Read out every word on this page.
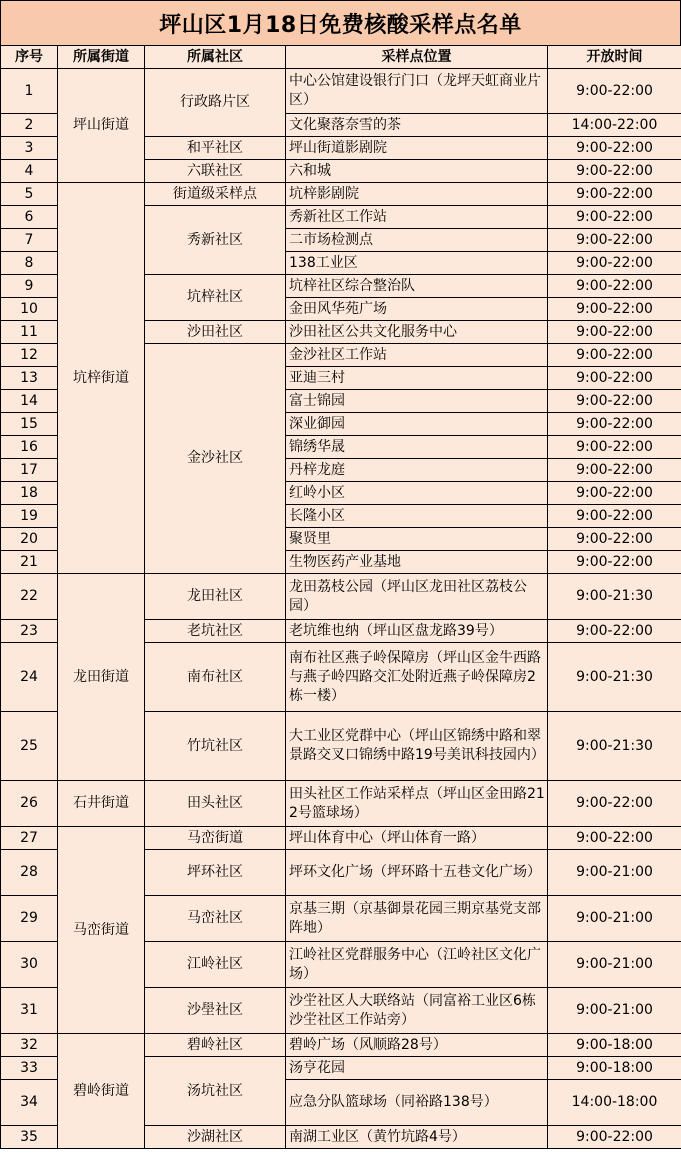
坪山区1月18日免费核酸采样点名单
序号	所属街道	所属社区	采样点位置	开放时间
1	坪山街道	行政路片区	中心公馆建设银行门口（龙坪天虹商业片区）	9:00-22:00
2			文化聚落奈雪的茶	14:00-22:00
3		和平社区	坪山街道影剧院	9:00-22:00
4		六联社区	六和城	9:00-22:00
5	坑梓街道	街道级采样点	坑梓影剧院	9:00-22:00
6		秀新社区	秀新社区工作站	9:00-22:00
7			二市场检测点	9:00-22:00
8			138工业区	9:00-22:00
9		坑梓社区	坑梓社区综合整治队	9:00-22:00
10			金田风华苑广场	9:00-22:00
11		沙田社区	沙田社区公共文化服务中心	9:00-22:00
12		金沙社区	金沙社区工作站	9:00-22:00
13			亚迪三村	9:00-22:00
14			富士锦园	9:00-22:00
15			深业御园	9:00-22:00
16			锦绣华晟	9:00-22:00
17			丹梓龙庭	9:00-22:00
18			红岭小区	9:00-22:00
19			长隆小区	9:00-22:00
20			聚贤里	9:00-22:00
21			生物医药产业基地	9:00-22:00
22	龙田街道	龙田社区	龙田荔枝公园（坪山区龙田社区荔枝公园）	9:00-21:30
23		老坑社区	老坑维也纳（坪山区盘龙路39号）	9:00-22:00
24		南布社区	南布社区燕子岭保障房（坪山区金牛西路与燕子岭四路交汇处附近燕子岭保障房2栋一楼）	9:00-21:30
25		竹坑社区	大工业区党群中心（坪山区锦绣中路和翠景路交叉口锦绣中路19号美讯科技园内）	9:00-21:30
26	石井街道	田头社区	田头社区工作站采样点（坪山区金田路212号篮球场）	9:00-22:00
27	马峦街道	马峦街道	坪山体育中心（坪山体育一路）	9:00-22:00
28		坪环社区	坪环文化广场（坪环路十五巷文化广场）	9:00-21:00
29		马峦社区	京基三期（京基御景花园三期京基党支部阵地）	9:00-21:00
30		江岭社区	江岭社区党群服务中心（江岭社区文化广场）	9:00-21:00
31		沙壆社区	沙坣社区人大联络站（同富裕工业区6栋沙坣社区工作站旁）	9:00-21:00
32	碧岭街道	碧岭社区	碧岭广场（风顺路28号）	9:00-18:00
33		汤坑社区	汤亨花园	9:00-18:00
34			应急分队篮球场（同裕路138号）	14:00-18:00
35		沙湖社区	南湖工业区（黄竹坑路4号）	9:00-22:00
